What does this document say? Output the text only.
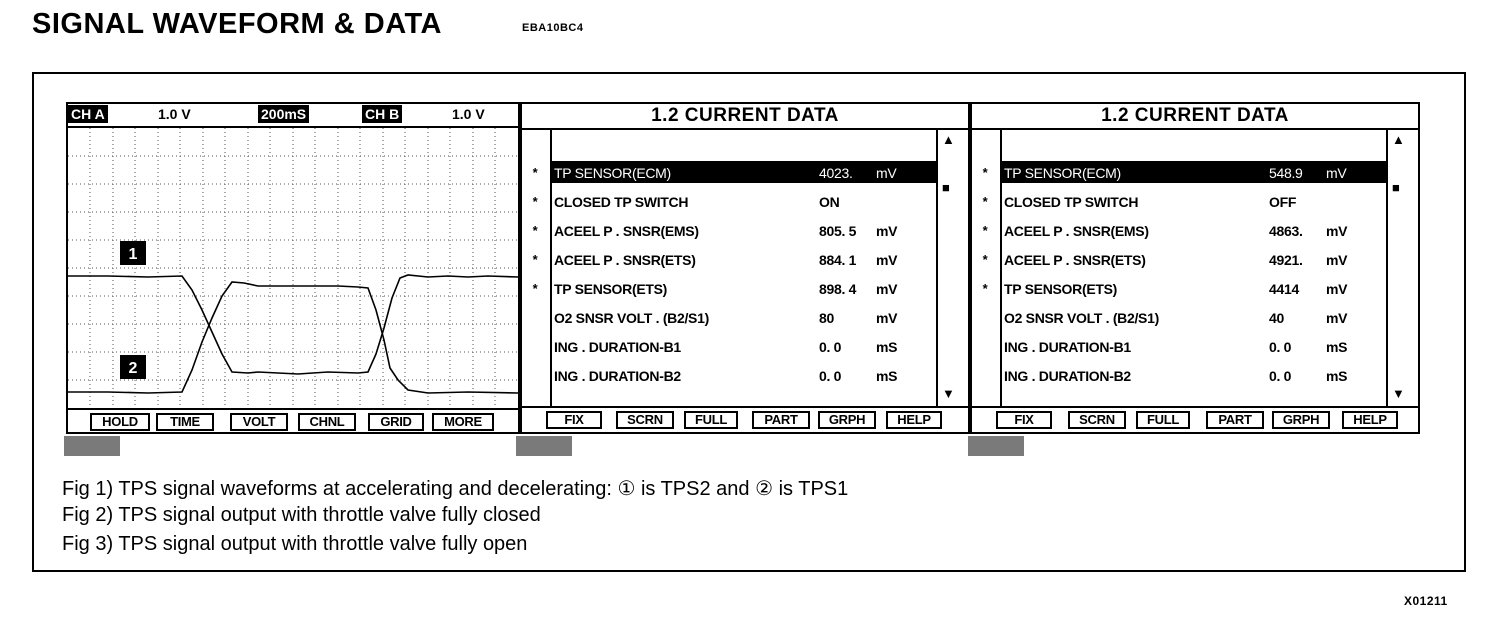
SIGNAL WAVEFORM & DATA	EBA10BC4
CH A	1.0 V	200mS	CH B	1.0 V
1
2
HOLD	TIME	VOLT	CHNL	GRID	MORE
1.2 CURRENT DATA
▲
■
▼
*	TP SENSOR(ECM)	4023. mV
*	CLOSED TP SWITCH	ON
*	ACEEL P . SNSR(EMS)	805. 5 mV
*	ACEEL P . SNSR(ETS)	884. 1 mV
*	TP SENSOR(ETS)	898. 4 mV
O2 SNSR VOLT . (B2/S1)	80	mV
ING . DURATION-B1	0. 0 mS
ING . DURATION-B2	0. 0 mS
FIX	SCRN	FULL	PART	GRPH	HELP
1.2 CURRENT DATA
▲
■
▼
*	TP SENSOR(ECM)	548.9 mV
*	CLOSED TP SWITCH	OFF
*	ACEEL P . SNSR(EMS)	4863. mV
*	ACEEL P . SNSR(ETS)	4921. mV
*	TP SENSOR(ETS)	4414 mV
O2 SNSR VOLT . (B2/S1)	40	mV
ING . DURATION-B1	0. 0 mS
ING . DURATION-B2	0. 0 mS
FIX	SCRN	FULL	PART	GRPH	HELP
Fig 1) TPS signal waveforms at accelerating and decelerating: ① is TPS2 and ② is TPS1
Fig 2) TPS signal output with throttle valve fully closed
Fig 3) TPS signal output with throttle valve fully open
X01211
